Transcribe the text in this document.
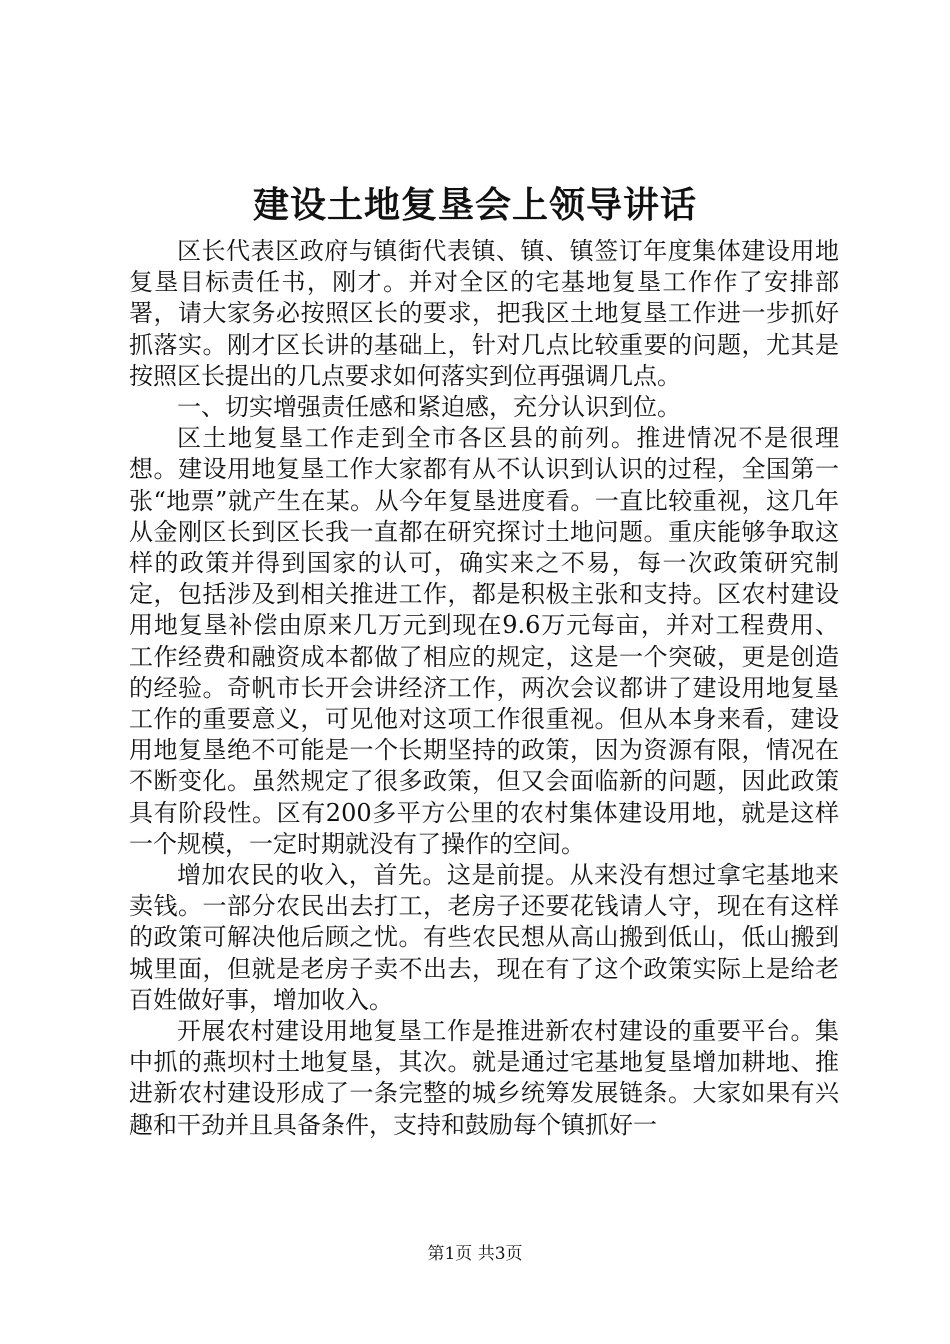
建设土地复垦会上领导讲话

区长代表区政府与镇街代表镇、镇、镇签订年度集体建设用地复垦目标责任书，刚才。并对全区的宅基地复垦工作作了安排部署，请大家务必按照区长的要求，把我区土地复垦工作进一步抓好抓落实。刚才区长讲的基础上，针对几点比较重要的问题，尤其是按照区长提出的几点要求如何落实到位再强调几点。

一、切实增强责任感和紧迫感，充分认识到位。

区土地复垦工作走到全市各区县的前列。推进情况不是很理想。建设用地复垦工作大家都有从不认识到认识的过程，全国第一张“地票”就产生在某。从今年复垦进度看。一直比较重视，这几年从金刚区长到区长我一直都在研究探讨土地问题。重庆能够争取这样的政策并得到国家的认可，确实来之不易，每一次政策研究制定，包括涉及到相关推进工作，都是积极主张和支持。区农村建设用地复垦补偿由原来几万元到现在9.6万元每亩，并对工程费用、工作经费和融资成本都做了相应的规定，这是一个突破，更是创造的经验。奇帆市长开会讲经济工作，两次会议都讲了建设用地复垦工作的重要意义，可见他对这项工作很重视。但从本身来看，建设用地复垦绝不可能是一个长期坚持的政策，因为资源有限，情况在不断变化。虽然规定了很多政策，但又会面临新的问题，因此政策具有阶段性。区有200多平方公里的农村集体建设用地，就是这样一个规模，一定时期就没有了操作的空间。

增加农民的收入，首先。这是前提。从来没有想过拿宅基地来卖钱。一部分农民出去打工，老房子还要花钱请人守，现在有这样的政策可解决他后顾之忧。有些农民想从高山搬到低山，低山搬到城里面，但就是老房子卖不出去，现在有了这个政策实际上是给老百姓做好事，增加收入。

开展农村建设用地复垦工作是推进新农村建设的重要平台。集中抓的燕坝村土地复垦，其次。就是通过宅基地复垦增加耕地、推进新农村建设形成了一条完整的城乡统筹发展链条。大家如果有兴趣和干劲并且具备条件，支持和鼓励每个镇抓好一

第1页 共3页
